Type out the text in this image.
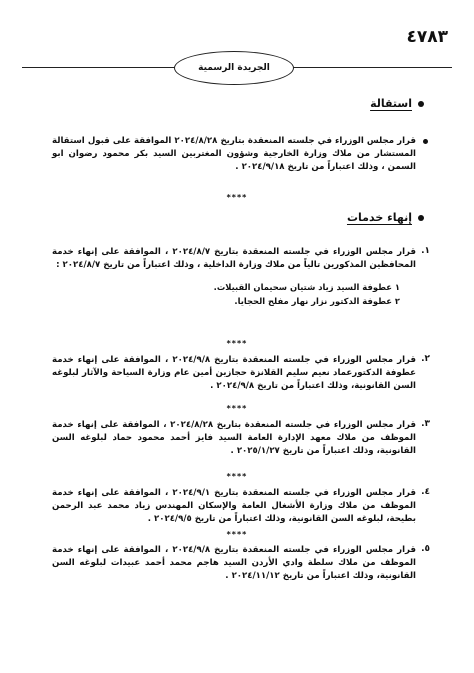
٤٧٨٣
الجريدة الرسمية
استقالة
قرار مجلس الوزراء في جلسته المنعقدة بتاريخ ٢٠٢٤/٨/٢٨ الموافقة على قبول استقالة المستشار من ملاك وزارة الخارجية وشؤون المغتربين السيد بكر محمود رضوان ابو السمن ، وذلك اعتباراً من تاريخ ٢٠٢٤/٩/١٨ .
****
إنهاء خدمات
١.
قرار مجلس الوزراء في جلسته المنعقدة بتاريخ ٢٠٢٤/٨/٧ ، الموافقة على إنهاء خدمة المحافظين المذكورين تالياً من ملاك وزارة الداخلية ، وذلك اعتباراً من تاريخ ٢٠٢٤/٨/٧ :
١ عطوفة السيد زياد شتيان سحيمان القبيلات.
٢ عطوفة الدكتور نزار نهار مفلح الحجايا.
****
٢.
قرار مجلس الوزراء في جلسته المنعقدة بتاريخ ٢٠٢٤/٩/٨ ، الموافقة على إنهاء خدمة عطوفة الدكتورعماد نعيم سليم القلانزة حجازين أمين عام وزارة السياحة والآثار لبلوغه السن القانونية، وذلك اعتباراً من تاريخ ٢٠٢٤/٩/٨ .
****
٣.
قرار مجلس الوزراء في جلسته المنعقدة بتاريخ ٢٠٢٤/٨/٢٨ ، الموافقة على إنهاء خدمة الموظف من ملاك معهد الإدارة العامة السيد فايز أحمد محمود حماد لبلوغه السن القانونية، وذلك اعتباراً من تاريخ ٢٠٢٥/١/٢٧ .
****
٤.
قرار مجلس الوزراء في جلسته المنعقدة بتاريخ ٢٠٢٤/٩/١ ، الموافقة على إنهاء خدمة الموظف من ملاك وزارة الأشغال العامة والإسكان المهندس زياد محمد عبد الرحمن بطيحة، لبلوغه السن القانونية، وذلك اعتباراً من تاريخ ٢٠٢٤/٩/٥ .
****
٥.
قرار مجلس الوزراء في جلسته المنعقدة بتاريخ ٢٠٢٤/٩/٨ ، الموافقة على إنهاء خدمة الموظف من ملاك سلطة وادي الأردن السيد هاجم محمد أحمد عبيدات لبلوغه السن القانونية، وذلك اعتباراً من تاريخ ٢٠٢٤/١١/١٢ .
